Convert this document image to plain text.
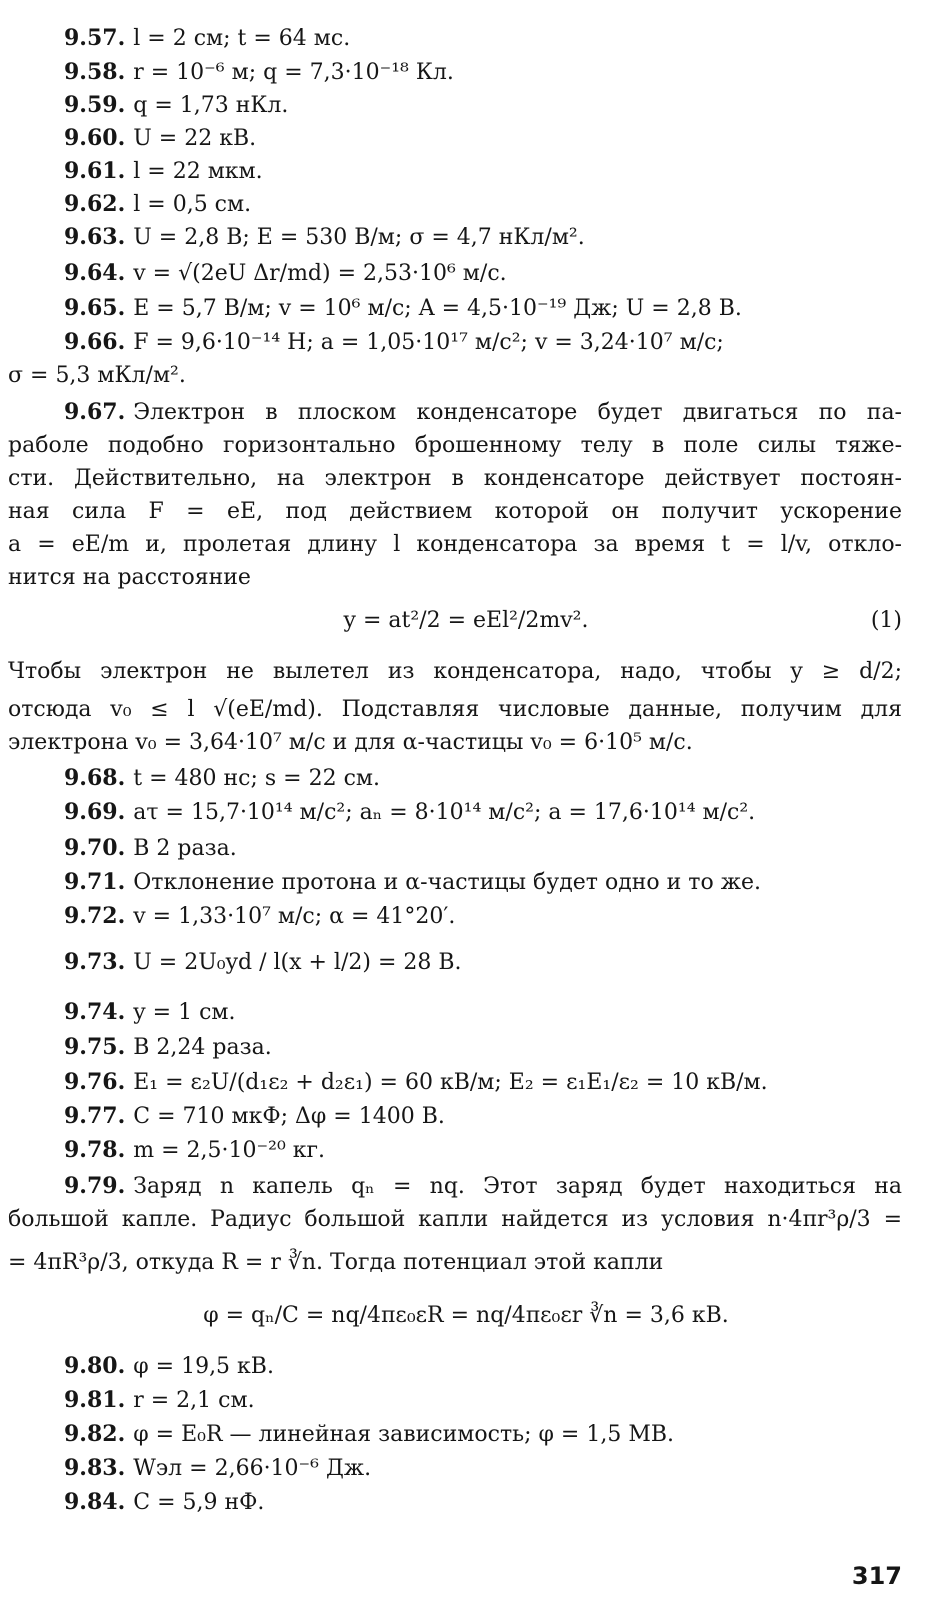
9.57. l = 2 см; t = 64 мс.
9.58. r = 10⁻⁶ м; q = 7,3·10⁻¹⁸ Кл.
9.59. q = 1,73 нКл.
9.60. U = 22 кВ.
9.61. l = 22 мкм.
9.62. l = 0,5 см.
9.63. U = 2,8 В; E = 530 В/м; σ = 4,7 нКл/м².
9.64. v = √(2eU Δr/md) = 2,53·10⁶ м/с.
9.65. E = 5,7 В/м; v = 10⁶ м/с; A = 4,5·10⁻¹⁹ Дж; U = 2,8 В.
9.66. F = 9,6·10⁻¹⁴ Н; a = 1,05·10¹⁷ м/с²; v = 3,24·10⁷ м/с;
σ = 5,3 мКл/м².
9.67. Электрон в плоском конденсаторе будет двигаться по па-
раболе подобно горизонтально брошенному телу в поле силы тяже-
сти. Действительно, на электрон в конденсаторе действует постоян-
ная сила F = eE, под действием которой он получит ускорение
a = eE/m и, пролетая длину l конденсатора за время t = l/v, откло-
нится на расстояние
y = at²/2 = eEl²/2mv².	(1)
Чтобы электрон не вылетел из конденсатора, надо, чтобы y ≥ d/2;
отсюда v₀ ≤ l √(eE/md). Подставляя числовые данные, получим для
электрона v₀ = 3,64·10⁷ м/с и для α-частицы v₀ = 6·10⁵ м/с.
9.68. t = 480 нс; s = 22 см.
9.69. aτ = 15,7·10¹⁴ м/с²; aₙ = 8·10¹⁴ м/с²; a = 17,6·10¹⁴ м/с².
9.70. В 2 раза.
9.71. Отклонение протона и α-частицы будет одно и то же.
9.72. v = 1,33·10⁷ м/с; α = 41°20′.
9.73. U = 2U₀yd / l(x + l/2) = 28 В.
9.74. y = 1 см.
9.75. В 2,24 раза.
9.76. E₁ = ε₂U/(d₁ε₂ + d₂ε₁) = 60 кВ/м; E₂ = ε₁E₁/ε₂ = 10 кВ/м.
9.77. C = 710 мкФ; Δφ = 1400 В.
9.78. m = 2,5·10⁻²⁰ кг.
9.79. Заряд n капель qₙ = nq. Этот заряд будет находиться на
большой капле. Радиус большой капли найдется из условия n·4πr³ρ/3 =
= 4πR³ρ/3, откуда R = r ∛n. Тогда потенциал этой капли
φ = qₙ/C = nq/4πε₀εR = nq/4πε₀εr ∛n = 3,6 кВ.
9.80. φ = 19,5 кВ.
9.81. r = 2,1 см.
9.82. φ = E₀R — линейная зависимость; φ = 1,5 МВ.
9.83. Wэл = 2,66·10⁻⁶ Дж.
9.84. C = 5,9 нФ.
317
